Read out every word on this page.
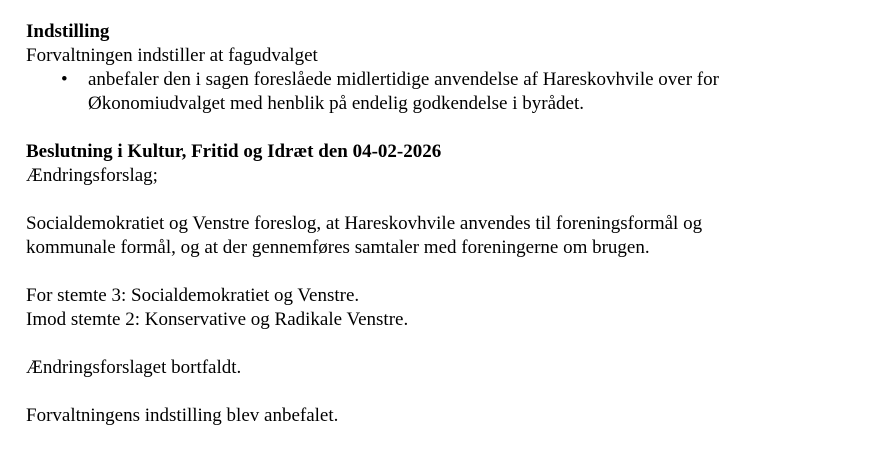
Indstilling
Forvaltningen indstiller at fagudvalget
• anbefaler den i sagen foreslåede midlertidige anvendelse af Hareskovhvile over for
Økonomiudvalget med henblik på endelig godkendelse i byrådet.
Beslutning i Kultur, Fritid og Idræt den 04-02-2026
Ændringsforslag;
Socialdemokratiet og Venstre foreslog, at Hareskovhvile anvendes til foreningsformål og
kommunale formål, og at der gennemføres samtaler med foreningerne om brugen.
For stemte 3: Socialdemokratiet og Venstre.
Imod stemte 2: Konservative og Radikale Venstre.
Ændringsforslaget bortfaldt.
Forvaltningens indstilling blev anbefalet.
